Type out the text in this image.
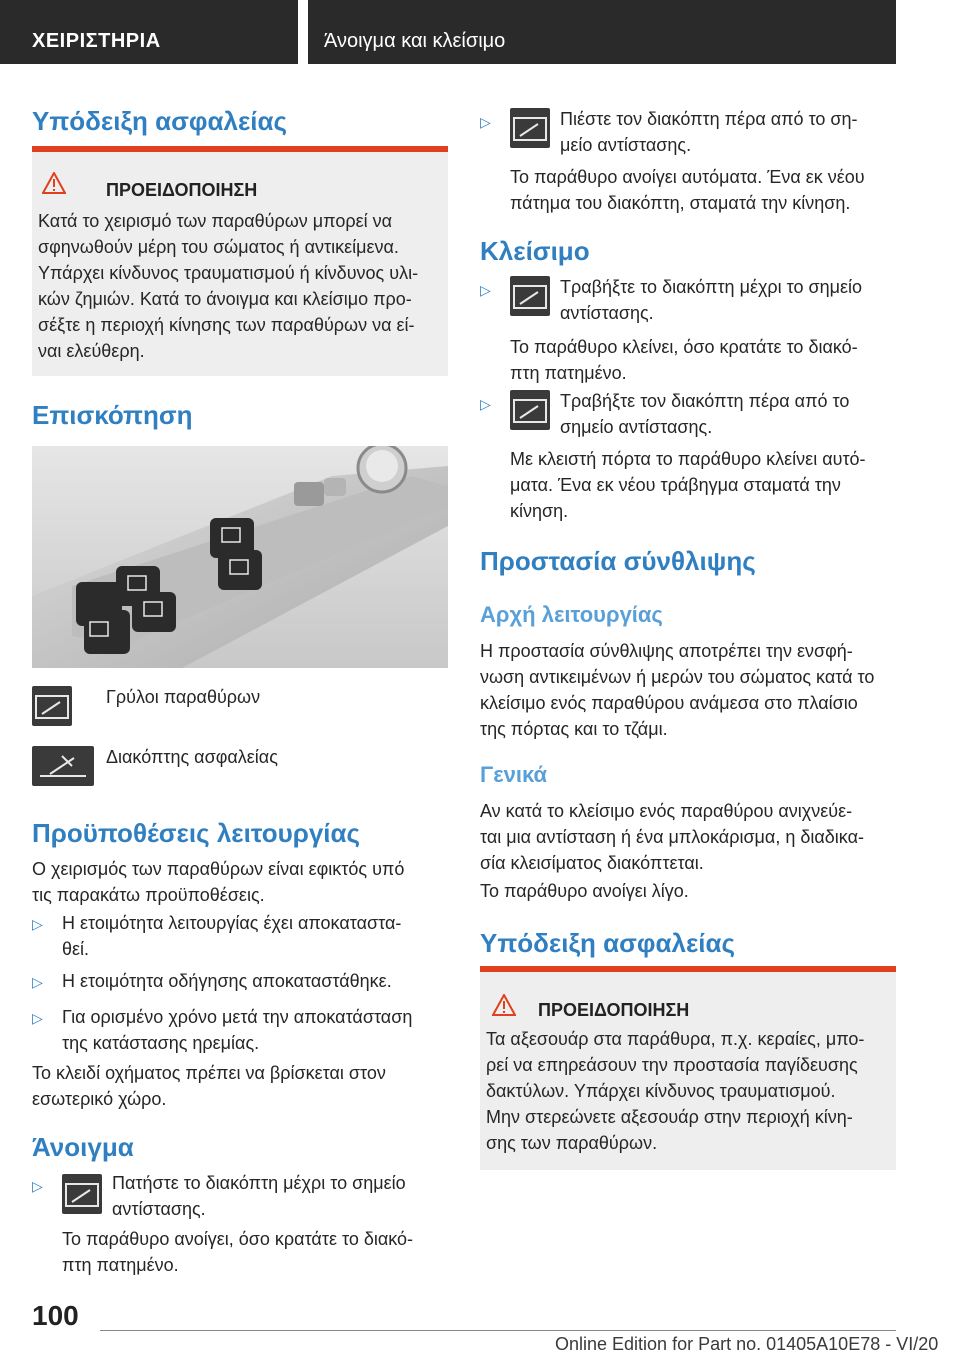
ΧΕΙΡΙΣΤΗΡΙΑ	Άνοιγμα και κλείσιμο
Υπόδειξη ασφαλείας
ΠΡΟΕΙΔΟΠΟΙΗΣΗ
Κατά το χειρισμό των παραθύρων μπορεί να
σφηνωθούν μέρη του σώματος ή αντικείμενα.
Υπάρχει κίνδυνος τραυματισμού ή κίνδυνος υλι-
κών ζημιών. Κατά το άνοιγμα και κλείσιμο προ-
σέξτε η περιοχή κίνησης των παραθύρων να εί-
ναι ελεύθερη.
Επισκόπηση
Γρύλοι παραθύρων
Διακόπτης ασφαλείας
Προϋποθέσεις λειτουργίας
Ο χειρισμός των παραθύρων είναι εφικτός υπό
τις παρακάτω προϋποθέσεις.
▷ Η ετοιμότητα λειτουργίας έχει αποκαταστα-
θεί.
▷ Η ετοιμότητα οδήγησης αποκαταστάθηκε.
▷ Για ορισμένο χρόνο μετά την αποκατάσταση
της κατάστασης ηρεμίας.
Το κλειδί οχήματος πρέπει να βρίσκεται στον
εσωτερικό χώρο.
Άνοιγμα
▷	Πατήστε το διακόπτη μέχρι το σημείο
αντίστασης.
Το παράθυρο ανοίγει, όσο κρατάτε το διακό-
πτη πατημένο.
▷	Πιέστε τον διακόπτη πέρα από το ση-
μείο αντίστασης.
Το παράθυρο ανοίγει αυτόματα. Ένα εκ νέου
πάτημα του διακόπτη, σταματά την κίνηση.
Κλείσιμο
▷	Τραβήξτε το διακόπτη μέχρι το σημείο
αντίστασης.
Το παράθυρο κλείνει, όσο κρατάτε το διακό-
πτη πατημένο.
▷	Τραβήξτε τον διακόπτη πέρα από το
σημείο αντίστασης.
Με κλειστή πόρτα το παράθυρο κλείνει αυτό-
ματα. Ένα εκ νέου τράβηγμα σταματά την
κίνηση.
Προστασία σύνθλιψης
Αρχή λειτουργίας
Η προστασία σύνθλιψης αποτρέπει την ενσφή-
νωση αντικειμένων ή μερών του σώματος κατά το
κλείσιμο ενός παραθύρου ανάμεσα στο πλαίσιο
της πόρτας και το τζάμι.
Γενικά
Αν κατά το κλείσιμο ενός παραθύρου ανιχνεύε-
ται μια αντίσταση ή ένα μπλοκάρισμα, η διαδικα-
σία κλεισίματος διακόπτεται.
Το παράθυρο ανοίγει λίγο.
Υπόδειξη ασφαλείας
ΠΡΟΕΙΔΟΠΟΙΗΣΗ
Τα αξεσουάρ στα παράθυρα, π.χ. κεραίες, μπο-
ρεί να επηρεάσουν την προστασία παγίδευσης
δακτύλων. Υπάρχει κίνδυνος τραυματισμού.
Μην στερεώνετε αξεσουάρ στην περιοχή κίνη-
σης των παραθύρων.
100
Online Edition for Part no. 01405A10E78 - VI/20
